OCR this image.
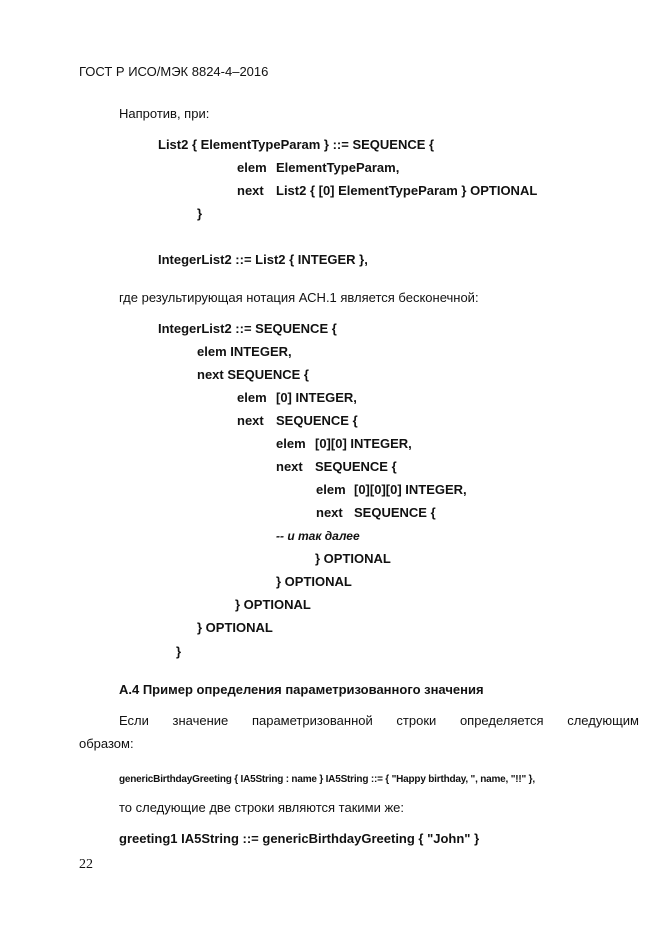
ГОСТ Р ИСО/МЭК 8824-4–2016
Напротив, при:
List2 { ElementTypeParam } ::= SEQUENCE {
elem ElementTypeParam,
next List2 { [0] ElementTypeParam } OPTIONAL
}
IntegerList2 ::= List2 { INTEGER },
где результирующая нотация АСН.1 является бесконечной:
IntegerList2 ::= SEQUENCE {
elem INTEGER,
next SEQUENCE {
elem [0] INTEGER,
next SEQUENCE {
elem [0][0] INTEGER,
next SEQUENCE {
elem [0][0][0] INTEGER,
next SEQUENCE {
-- и так далее
} OPTIONAL
} OPTIONAL
} OPTIONAL
} OPTIONAL
}
А.4 Пример определения параметризованного значения
Если значение параметризованной строки определяется следующим
образом:
genericBirthdayGreeting { IA5String : name } IA5String ::= { "Happy birthday, ", name, "!!" },
то следующие две строки являются такими же:
greeting1 IA5String ::= genericBirthdayGreeting { "John" }
22
